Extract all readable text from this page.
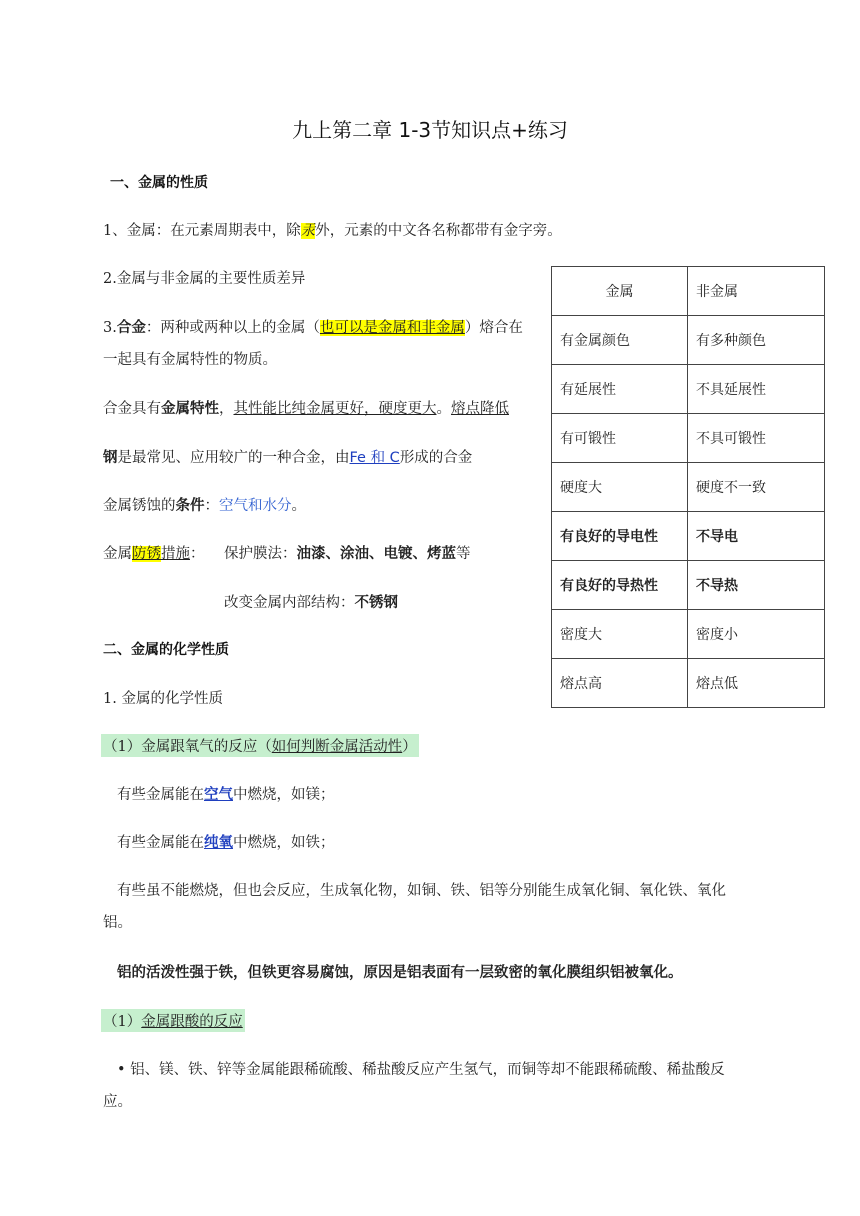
九上第二章 1-3节知识点+练习
一、金属的性质
1、金属：在元素周期表中，除汞外，元素的中文各名称都带有金字旁。
2.金属与非金属的主要性质差异
3.合金：两种或两种以上的金属（也可以是金属和非金属）熔合在
一起具有金属特性的物质。
合金具有金属特性，其性能比纯金属更好，硬度更大。熔点降低
钢是最常见、应用较广的一种合金，由Fe 和 C形成的合金
金属锈蚀的条件：空气和水分。
金属防锈措施： 保护膜法：油漆、涂油、电镀、烤蓝等
改变金属内部结构：不锈钢
金属	非金属
有金属颜色	有多种颜色
有延展性	不具延展性
有可锻性	不具可锻性
硬度大	硬度不一致
有良好的导电性	不导电
有良好的导热性	不导热
密度大	密度小
熔点高	熔点低
二、金属的化学性质
1. 金属的化学性质
（1）金属跟氧气的反应（如何判断金属活动性）
有些金属能在空气中燃烧，如镁；
有些金属能在纯氧中燃烧，如铁；
有些虽不能燃烧，但也会反应，生成氧化物，如铜、铁、铝等分别能生成氧化铜、氧化铁、氧化
铝。
铝的活泼性强于铁，但铁更容易腐蚀，原因是铝表面有一层致密的氧化膜组织铝被氧化。
（1）金属跟酸的反应
• 铝、镁、铁、锌等金属能跟稀硫酸、稀盐酸反应产生氢气，而铜等却不能跟稀硫酸、稀盐酸反
应。
